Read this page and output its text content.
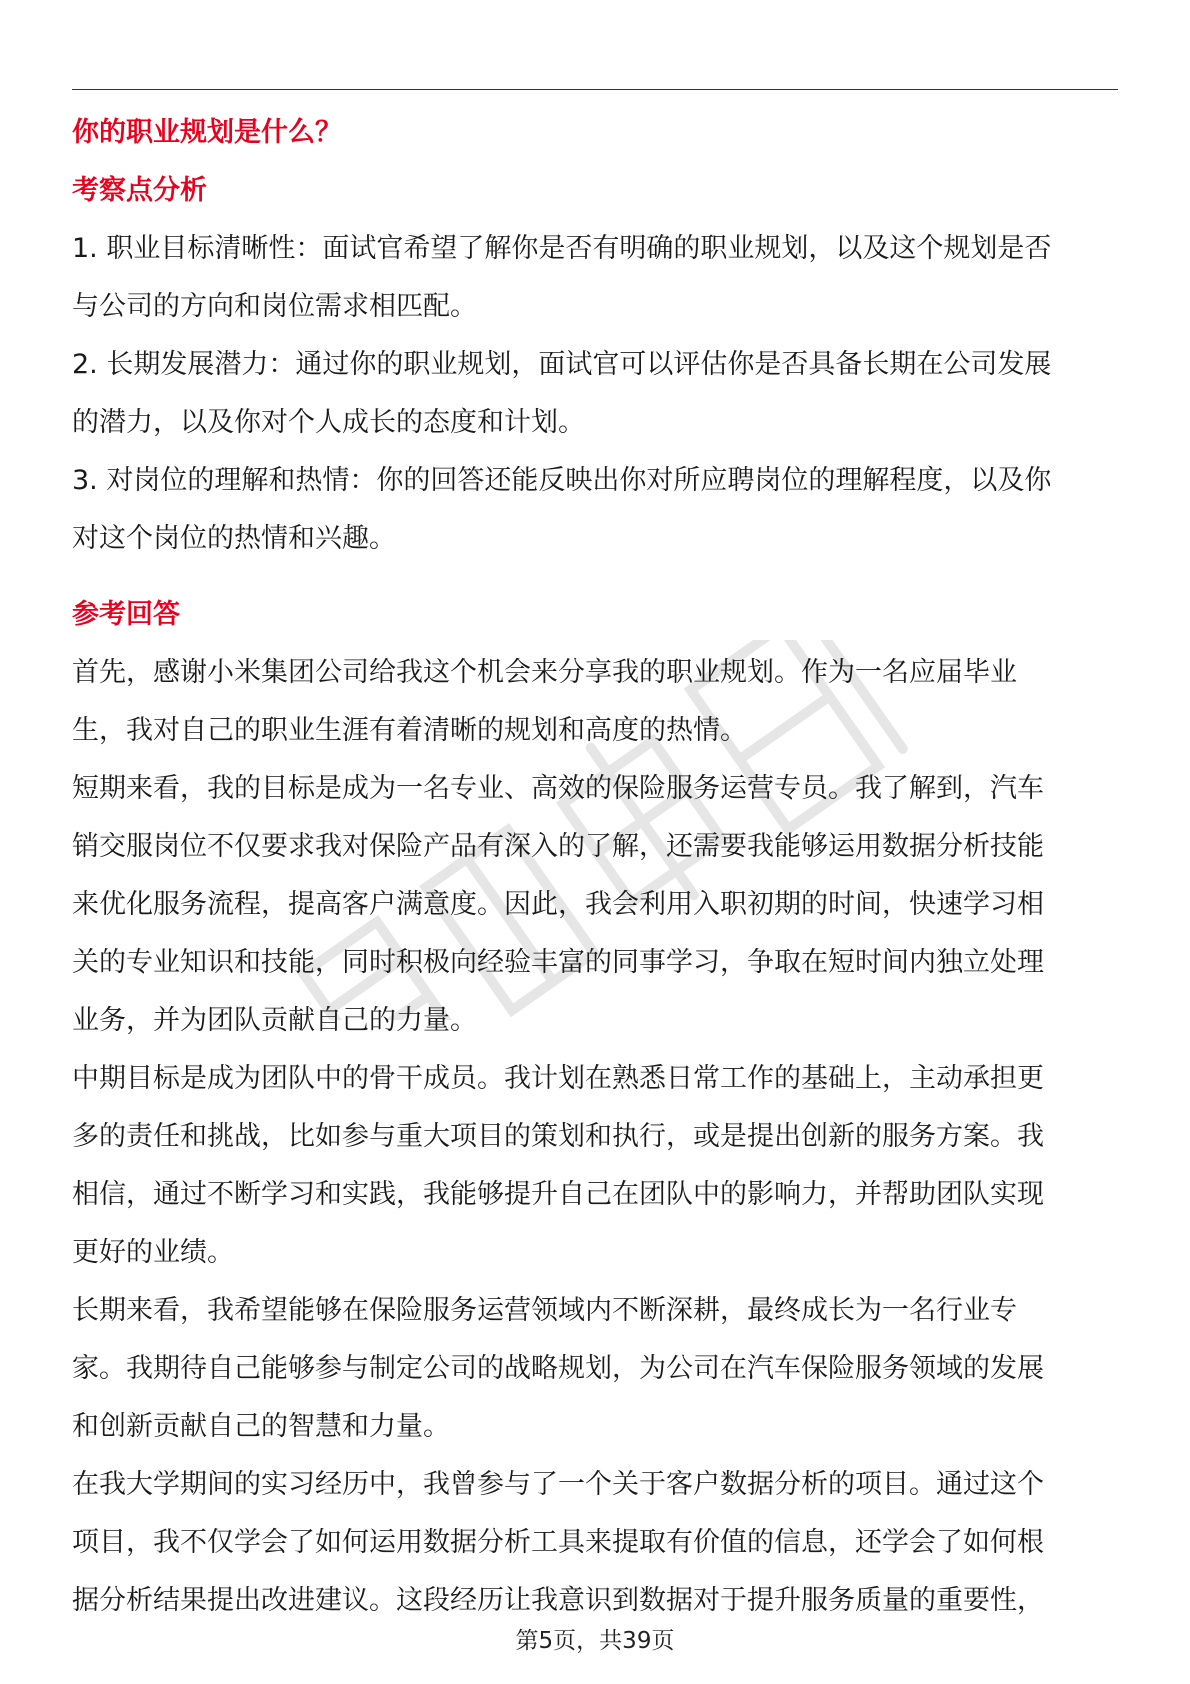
你的职业规划是什么？
考察点分析

1. 职业目标清晰性：面试官希望了解你是否有明确的职业规划，以及这个规划是否
与公司的方向和岗位需求相匹配。

2. 长期发展潜力：通过你的职业规划，面试官可以评估你是否具备长期在公司发展
的潜力，以及你对个人成长的态度和计划。

3. 对岗位的理解和热情：你的回答还能反映出你对所应聘岗位的理解程度，以及你
对这个岗位的热情和兴趣。

参考回答

首先，感谢小米集团公司给我这个机会来分享我的职业规划。作为一名应届毕业
生，我对自己的职业生涯有着清晰的规划和高度的热情。

短期来看，我的目标是成为一名专业、高效的保险服务运营专员。我了解到，汽车
销交服岗位不仅要求我对保险产品有深入的了解，还需要我能够运用数据分析技能
来优化服务流程，提高客户满意度。因此，我会利用入职初期的时间，快速学习相
关的专业知识和技能，同时积极向经验丰富的同事学习，争取在短时间内独立处理
业务，并为团队贡献自己的力量。

中期目标是成为团队中的骨干成员。我计划在熟悉日常工作的基础上，主动承担更
多的责任和挑战，比如参与重大项目的策划和执行，或是提出创新的服务方案。我
相信，通过不断学习和实践，我能够提升自己在团队中的影响力，并帮助团队实现
更好的业绩。

长期来看，我希望能够在保险服务运营领域内不断深耕，最终成长为一名行业专
家。我期待自己能够参与制定公司的战略规划，为公司在汽车保险服务领域的发展
和创新贡献自己的智慧和力量。

在我大学期间的实习经历中，我曾参与了一个关于客户数据分析的项目。通过这个
项目，我不仅学会了如何运用数据分析工具来提取有价值的信息，还学会了如何根
据分析结果提出改进建议。这段经历让我意识到数据对于提升服务质量的重要性，

第5页，共39页
